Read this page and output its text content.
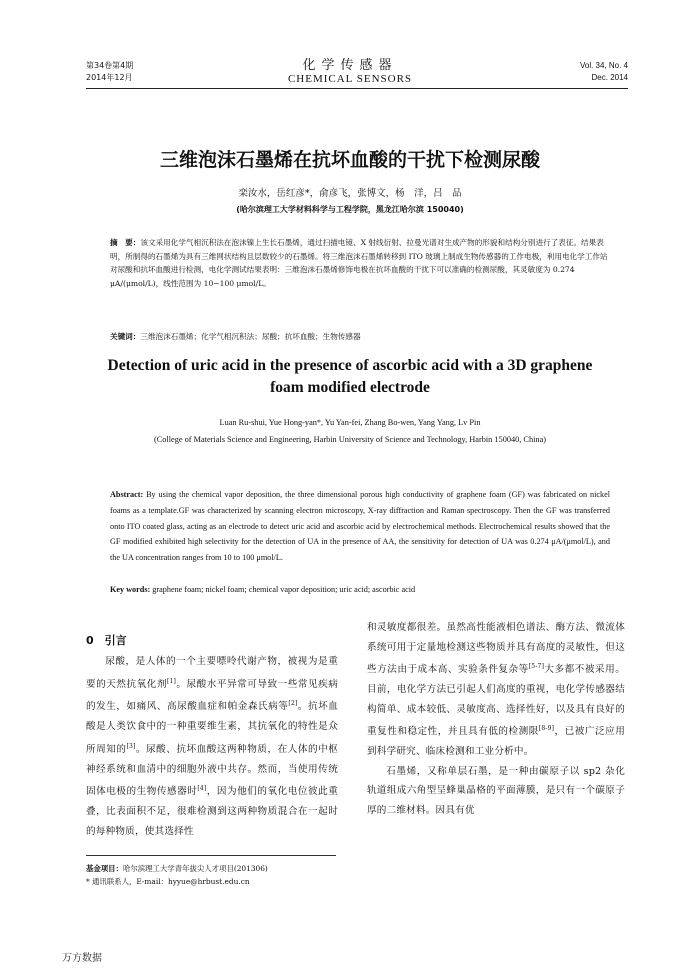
第34卷第4期
2014年12月
化学传感器
CHEMICAL SENSORS
Vol. 34, No. 4
Dec. 2014
三维泡沫石墨烯在抗坏血酸的干扰下检测尿酸
栾汝水，岳红彦*，俞彦飞，张博文，杨　洋，吕　品
(哈尔滨理工大学材料科学与工程学院，黑龙江哈尔滨 150040)
摘　要：该文采用化学气相沉积法在泡沫镍上生长石墨烯，通过扫描电镜、X 射线衍射、拉曼光谱对生成产物的形貌和结构分别进行了表征。结果表明，所制得的石墨烯为具有三维网状结构且层数较少的石墨烯。将三维泡沫石墨烯转移到 ITO 玻璃上制成生物传感器的工作电极，利用电化学工作站对尿酸和抗坏血酸进行检测，电化学测试结果表明：三维泡沫石墨烯修饰电极在抗坏血酸的干扰下可以准确的检测尿酸，其灵敏度为 0.274 μA/(μmol/L)，线性范围为 10~100 μmol/L。
关键词：三维泡沫石墨烯；化学气相沉积法；尿酸；抗坏血酸；生物传感器
Detection of uric acid in the presence of ascorbic acid with a 3D graphene foam modified electrode
Luan Ru-shui, Yue Hong-yan*, Yu Yan-fei, Zhang Bo-wen, Yang Yang, Lv Pin
(College of Materials Science and Engineering, Harbin University of Science and Technology, Harbin 150040, China)
Abstract: By using the chemical vapor deposition, the three dimensional porous high conductivity of graphene foam (GF) was fabricated on nickel foams as a template.GF was characterized by scanning electron microscopy, X-ray diffraction and Raman spectroscopy. Then the GF was transferred onto ITO coated glass, acting as an electrode to detect uric acid and ascorbic acid by electrochemical methods. Electrochemical results showed that the GF modified exhibited high selectivity for the detection of UA in the presence of AA, the sensitivity for detection of UA was 0.274 μA/(μmol/L), and the UA concentration ranges from 10 to 100 μmol/L.
Key words: graphene foam; nickel foam; chemical vapor deposition; uric acid; ascorbic acid
0　引言

尿酸，是人体的一个主要嘌呤代谢产物，被视为是重要的天然抗氧化剂[1]。尿酸水平异常可导致一些常见疾病的发生，如痛风、高尿酸血症和帕金森氏病等[2]。抗坏血酸是人类饮食中的一种重要维生素，其抗氧化的特性是众所周知的[3]。尿酸、抗坏血酸这两种物质，在人体的中枢神经系统和血清中的细胞外液中共存。然而，当使用传统固体电极的生物传感器时[4]，因为他们的氧化电位彼此重叠，比表面积不足，很难检测到这两种物质混合在一起时的每种物质，使其选择性

和灵敏度都很差。虽然高性能液相色谱法、酶方法、微流体系统可用于定量地检测这些物质并具有高度的灵敏性，但这些方法由于成本高、实验条件复杂等[5-7]大多都不被采用。目前，电化学方法已引起人们高度的重视，电化学传感器结构简单、成本较低、灵敏度高、选择性好，以及具有良好的重复性和稳定性，并且具有低的检测限[8-9]，已被广泛应用到科学研究、临床检测和工业分析中。

石墨烯，又称单层石墨，是一种由碳原子以 sp2 杂化轨道组成六角型呈蜂巢晶格的平面薄膜，是只有一个碳原子厚的二维材料。因具有优

基金项目：哈尔滨理工大学青年拔尖人才项目(201306)
* 通讯联系人，E-mail：hyyue@hrbust.edu.cn
万方数据
